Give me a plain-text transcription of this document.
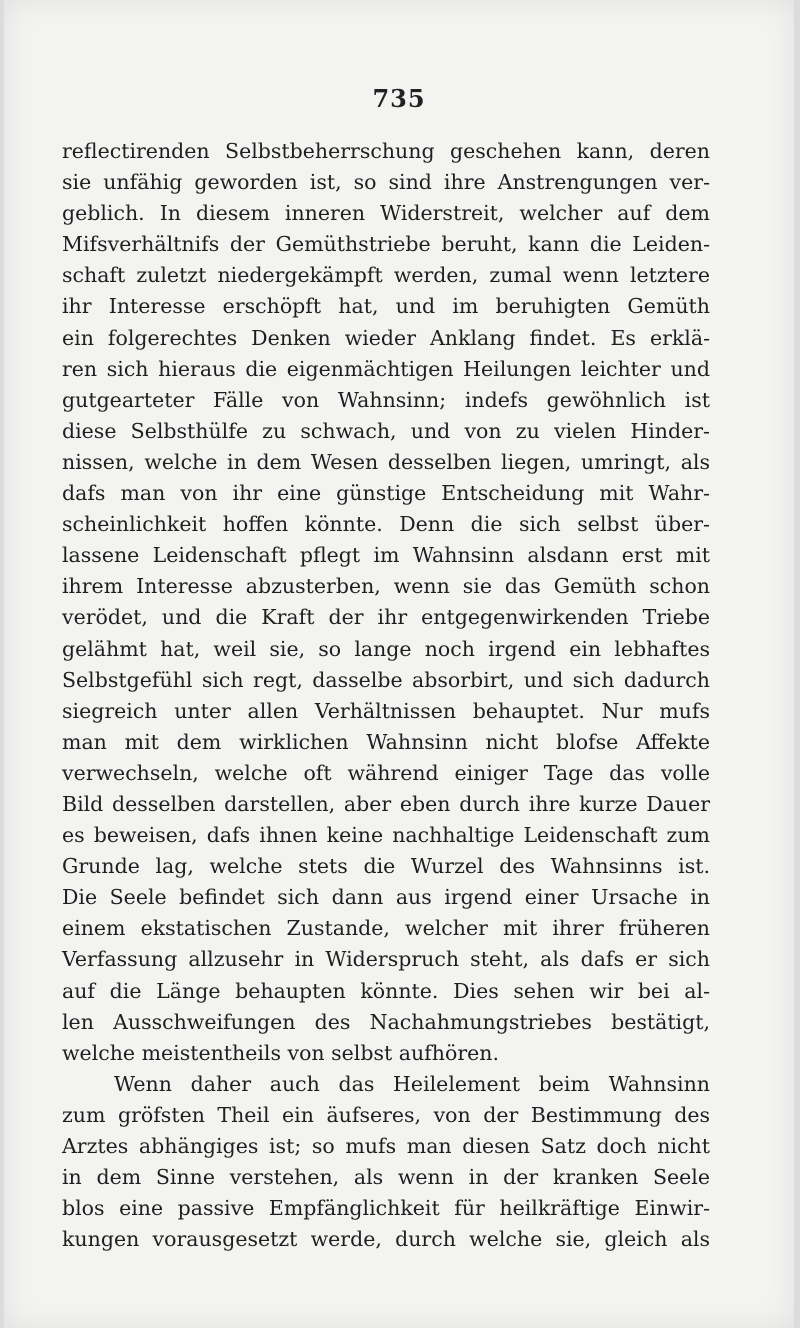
735
reflectirenden Selbstbeherrschung geschehen kann, deren
sie unfähig geworden ist, so sind ihre Anstrengungen ver-
geblich. In diesem inneren Widerstreit, welcher auf dem
Mifsverhältnifs der Gemüthstriebe beruht, kann die Leiden-
schaft zuletzt niedergekämpft werden, zumal wenn letztere
ihr Interesse erschöpft hat, und im beruhigten Gemüth
ein folgerechtes Denken wieder Anklang findet. Es erklä-
ren sich hieraus die eigenmächtigen Heilungen leichter und
gutgearteter Fälle von Wahnsinn; indefs gewöhnlich ist
diese Selbsthülfe zu schwach, und von zu vielen Hinder-
nissen, welche in dem Wesen desselben liegen, umringt, als
dafs man von ihr eine günstige Entscheidung mit Wahr-
scheinlichkeit hoffen könnte. Denn die sich selbst über-
lassene Leidenschaft pflegt im Wahnsinn alsdann erst mit
ihrem Interesse abzusterben, wenn sie das Gemüth schon
verödet, und die Kraft der ihr entgegenwirkenden Triebe
gelähmt hat, weil sie, so lange noch irgend ein lebhaftes
Selbstgefühl sich regt, dasselbe absorbirt, und sich dadurch
siegreich unter allen Verhältnissen behauptet. Nur mufs
man mit dem wirklichen Wahnsinn nicht blofse Affekte
verwechseln, welche oft während einiger Tage das volle
Bild desselben darstellen, aber eben durch ihre kurze Dauer
es beweisen, dafs ihnen keine nachhaltige Leidenschaft zum
Grunde lag, welche stets die Wurzel des Wahnsinns ist.
Die Seele befindet sich dann aus irgend einer Ursache in
einem ekstatischen Zustande, welcher mit ihrer früheren
Verfassung allzusehr in Widerspruch steht, als dafs er sich
auf die Länge behaupten könnte. Dies sehen wir bei al-
len Ausschweifungen des Nachahmungstriebes bestätigt,
welche meistentheils von selbst aufhören.
Wenn daher auch das Heilelement beim Wahnsinn
zum gröfsten Theil ein äufseres, von der Bestimmung des
Arztes abhängiges ist; so mufs man diesen Satz doch nicht
in dem Sinne verstehen, als wenn in der kranken Seele
blos eine passive Empfänglichkeit für heilkräftige Einwir-
kungen vorausgesetzt werde, durch welche sie, gleich als
